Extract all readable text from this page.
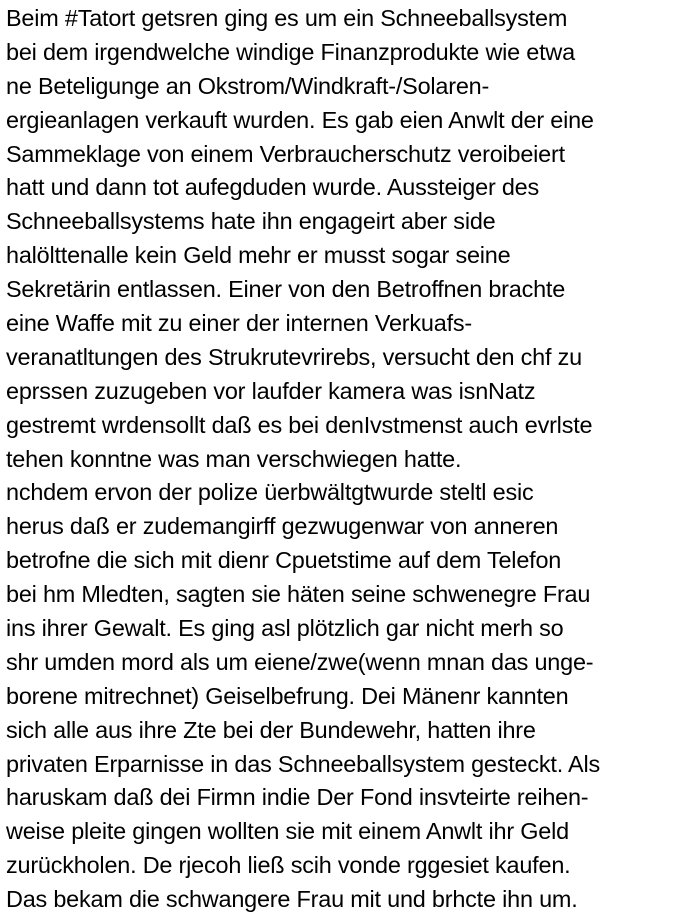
Beim #Tatort getsren ging es um ein Schneeballsystem
bei dem irgendwelche windige Finanzprodukte wie etwa
ne Beteligunge an Okstrom/Windkraft-/Solaren-
ergieanlagen verkauft wurden. Es gab eien Anwlt der eine
Sammeklage von einem Verbraucherschutz veroibeiert
hatt und dann tot aufegduden wurde. Aussteiger des
Schneeballsystems hate ihn engageirt aber side
halölttenalle kein Geld mehr er musst sogar seine
Sekretärin entlassen. Einer von den Betroffnen brachte
eine Waffe mit zu einer der internen Verkuafs-
veranatltungen des Strukrutevrirebs, versucht den chf zu
eprssen zuzugeben vor laufder kamera was isnNatz
gestremt wrdensollt daß es bei denIvstmenst auch evrlste
tehen konntne was man verschwiegen hatte.
nchdem ervon der polize üerbwältgtwurde steltl esic
herus daß er zudemangirff gezwugenwar von anneren
betrofne die sich mit dienr Cpuetstime auf dem Telefon
bei hm Mledten, sagten sie häten seine schwenegre Frau
ins ihrer Gewalt. Es ging asl plötzlich gar nicht merh so
shr umden mord als um eiene/zwe(wenn mnan das unge-
borene mitrechnet) Geiselbefrung. Dei Mänenr kannten
sich alle aus ihre Zte bei der Bundewehr, hatten ihre
privaten Erparnisse in das Schneeballsystem gesteckt. Als
haruskam daß dei Firmn indie Der Fond insvteirte reihen-
weise pleite gingen wollten sie mit einem Anwlt ihr Geld
zurückholen. De rjecoh ließ scih vonde rggesiet kaufen.
Das bekam die schwangere Frau mit und brhcte ihn um.
